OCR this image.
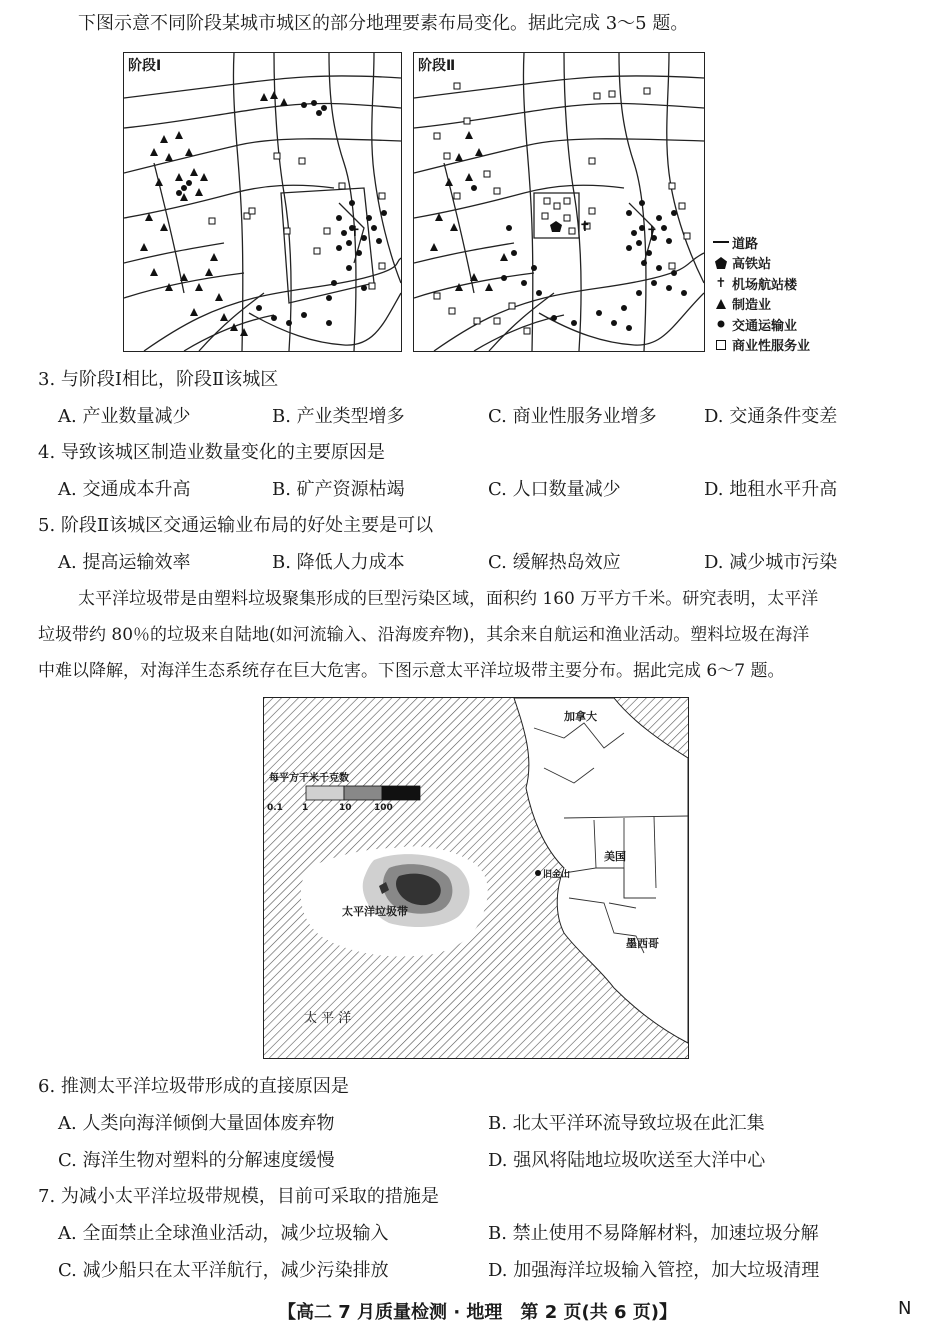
下图示意不同阶段某城市城区的部分地理要素布局变化。据此完成 3～5 题。
✝
阶段Ⅰ
✝
✝
阶段Ⅱ
道路
高铁站
✝ 机场航站楼
制造业
交通运输业
商业性服务业
3. 与阶段Ⅰ相比，阶段Ⅱ该城区
A. 产业数量减少	B. 产业类型增多	C. 商业性服务业增多	D. 交通条件变差
4. 导致该城区制造业数量变化的主要原因是
A. 交通成本升高	B. 矿产资源枯竭	C. 人口数量减少	D. 地租水平升高
5. 阶段Ⅱ该城区交通运输业布局的好处主要是可以
A. 提高运输效率	B. 降低人力成本	C. 缓解热岛效应	D. 减少城市污染
太平洋垃圾带是由塑料垃圾聚集形成的巨型污染区域，面积约 160 万平方千米。研究表明，太平洋
垃圾带约 80％的垃圾来自陆地(如河流输入、沿海废弃物)，其余来自航运和渔业活动。塑料垃圾在海洋
中难以降解，对海洋生态系统存在巨大危害。下图示意太平洋垃圾带主要分布。据此完成 6～7 题。
加拿大
美国
墨西哥
旧金山
太 平 洋
太平洋垃圾带
每平方千米千克数
0.1 1	10 100
6. 推测太平洋垃圾带形成的直接原因是
A. 人类向海洋倾倒大量固体废弃物	B. 北太平洋环流导致垃圾在此汇集
C. 海洋生物对塑料的分解速度缓慢	D. 强风将陆地垃圾吹送至大洋中心
7. 为减小太平洋垃圾带规模，目前可采取的措施是
A. 全面禁止全球渔业活动，减少垃圾输入	B. 禁止使用不易降解材料，加速垃圾分解
C. 减少船只在太平洋航行，减少污染排放	D. 加强海洋垃圾输入管控，加大垃圾清理
【高二 7 月质量检测 · 地理　第 2 页(共 6 页)】	N
